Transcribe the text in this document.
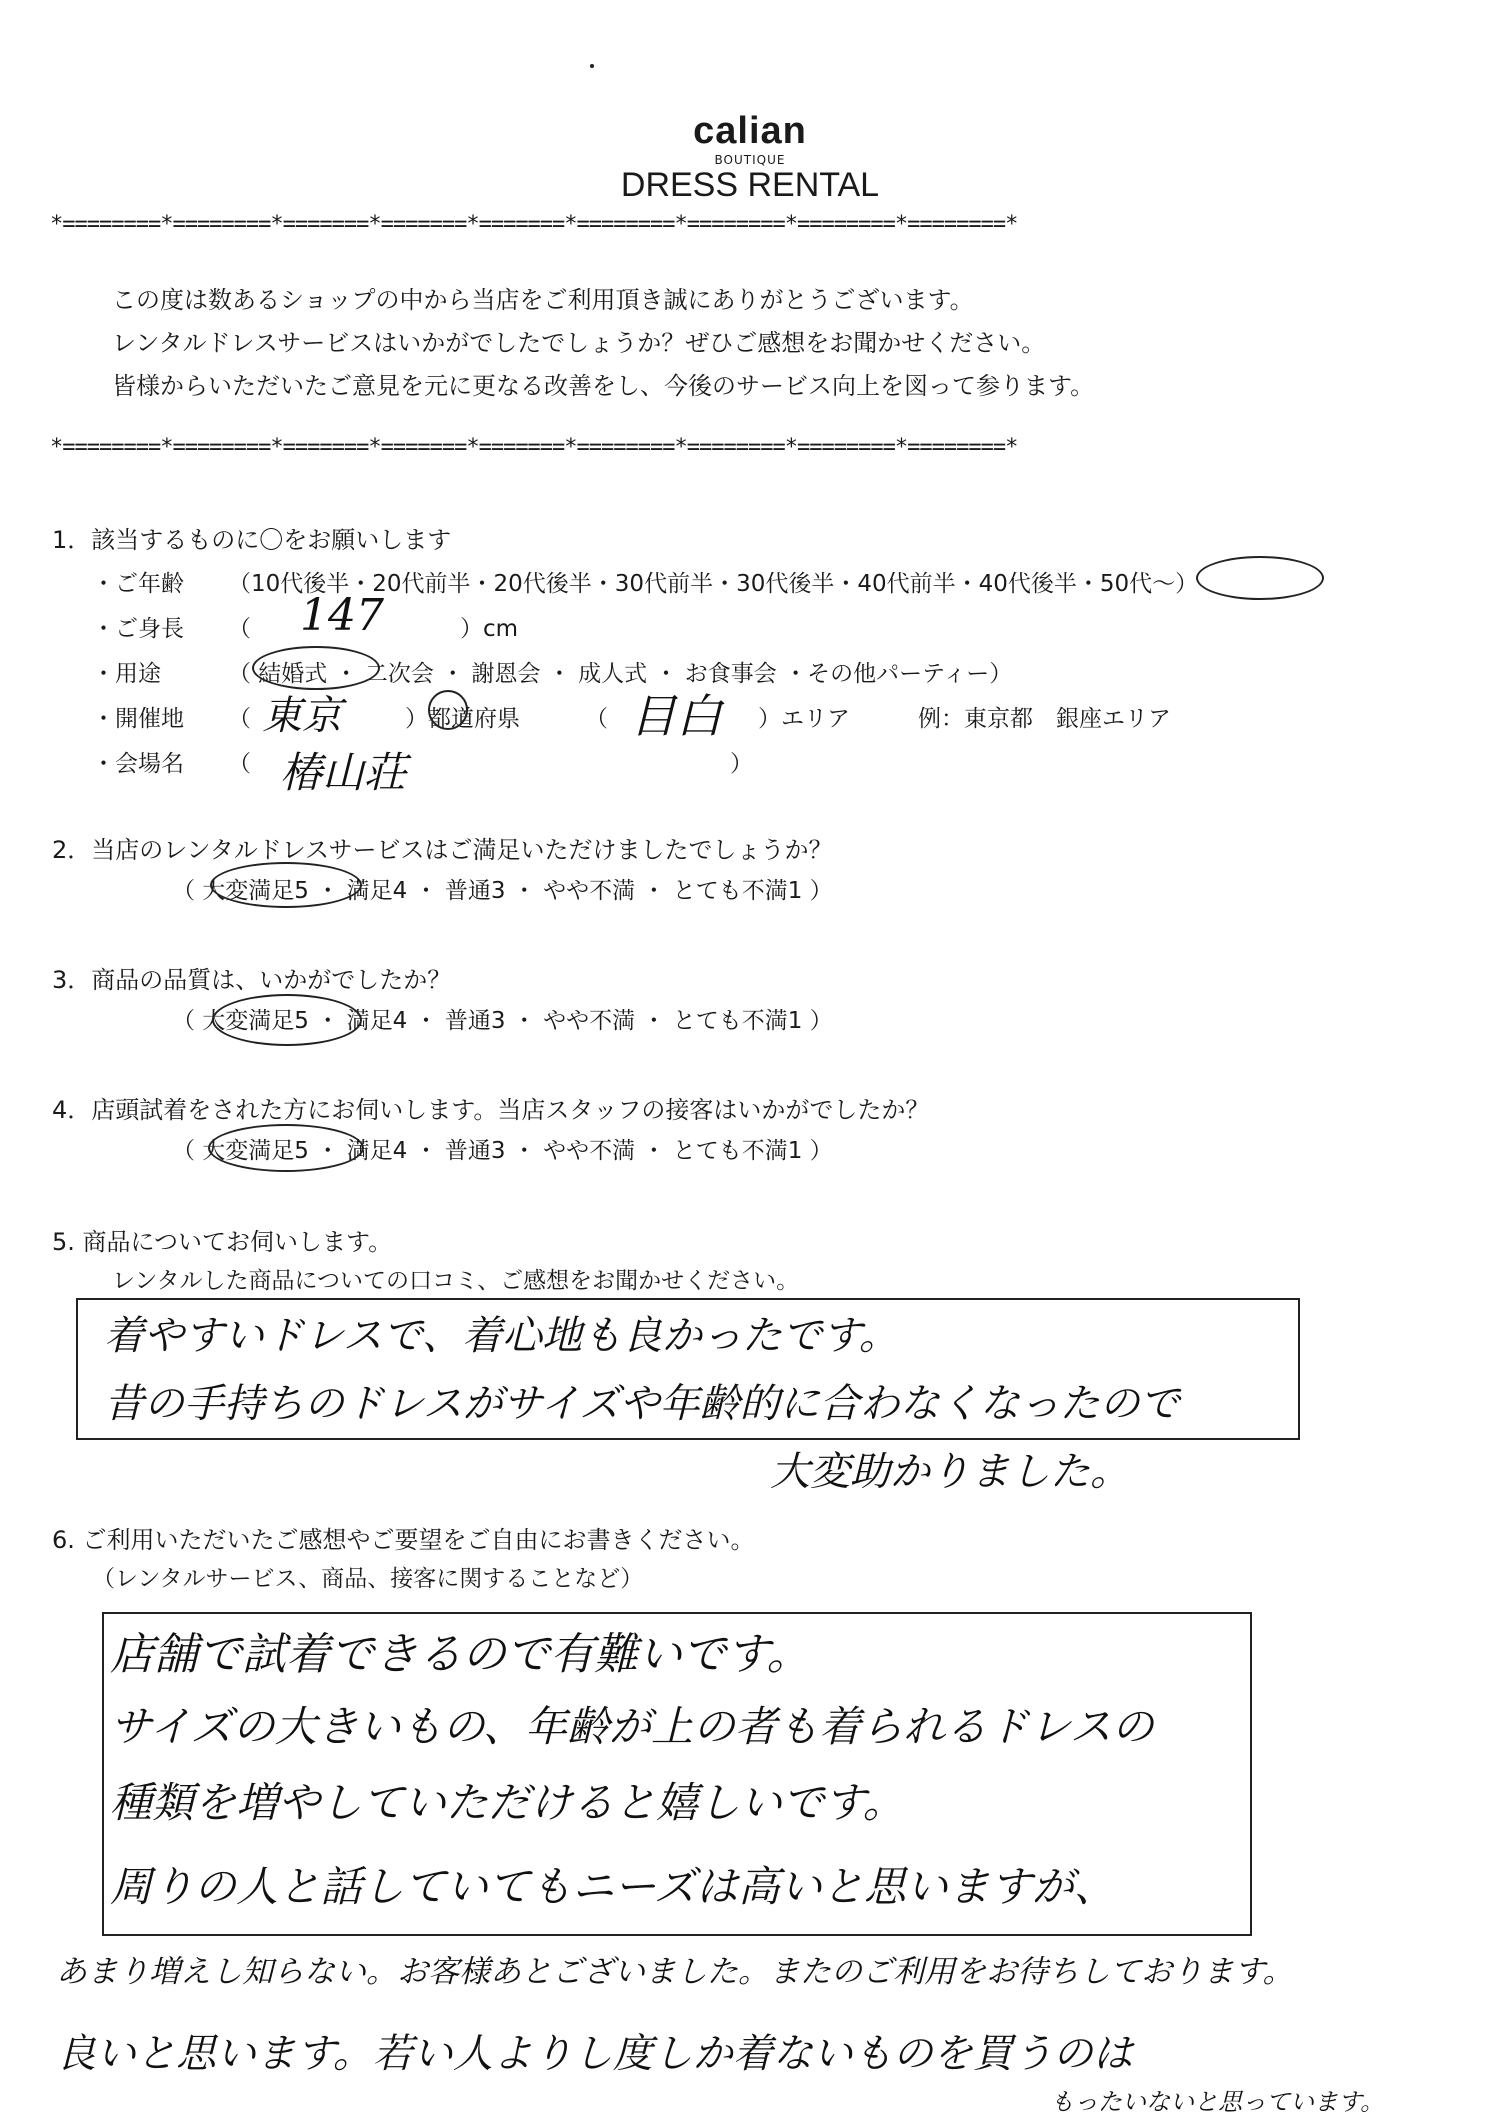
calian
BOUTIQUE
DRESS RENTAL
*========*========*=======*=======*=======*========*========*========*========*
この度は数あるショップの中から当店をご利用頂き誠にありがとうございます。
レンタルドレスサービスはいかがでしたでしょうか？ぜひご感想をお聞かせください。
皆様からいただいたご意見を元に更なる改善をし、今後のサービス向上を図って参ります。
*========*========*=======*=======*=======*========*========*========*========*
1．該当するものに〇をお願いします
・ご年齢 （10代後半・20代前半・20代後半・30代前半・30代後半・40代前半・40代後半・50代～）
・ご身長 （ 147	）cm
・用途	（ 結婚式 ・ 二次会 ・ 謝恩会 ・ 成人式 ・ お食事会 ・その他パーティー）
・開催地 （ 東京	）都道府県	（ 目白 ）エリア	例：東京都　銀座エリア
・会場名 （ 椿山荘	）
2．当店のレンタルドレスサービスはご満足いただけましたでしょうか？
（ 大変満足5 ・ 満足4 ・ 普通3 ・ やや不満 ・ とても不満1 ）
3．商品の品質は、いかがでしたか？
（ 大変満足5 ・ 満足4 ・ 普通3 ・ やや不満 ・ とても不満1 ）
4．店頭試着をされた方にお伺いします。当店スタッフの接客はいかがでしたか？
（ 大変満足5 ・ 満足4 ・ 普通3 ・ やや不満 ・ とても不満1 ）
5. 商品についてお伺いします。
レンタルした商品についての口コミ、ご感想をお聞かせください。
着やすいドレスで、着心地も良かったです。
昔の手持ちのドレスがサイズや年齢的に合わなくなったので
大変助かりました。
6. ご利用いただいたご感想やご要望をご自由にお書きください。
（レンタルサービス、商品、接客に関することなど）
店舗で試着できるので有難いです。
サイズの大きいもの、年齢が上の者も着られるドレスの
種類を増やしていただけると嬉しいです。
周りの人と話していてもニーズは高いと思いますが、
あまり増えし知らない。お客様あとございました。またのご利用をお待ちしております。
良いと思います。若い人よりし度しか着ないものを買うのは
もったいないと思っています。
